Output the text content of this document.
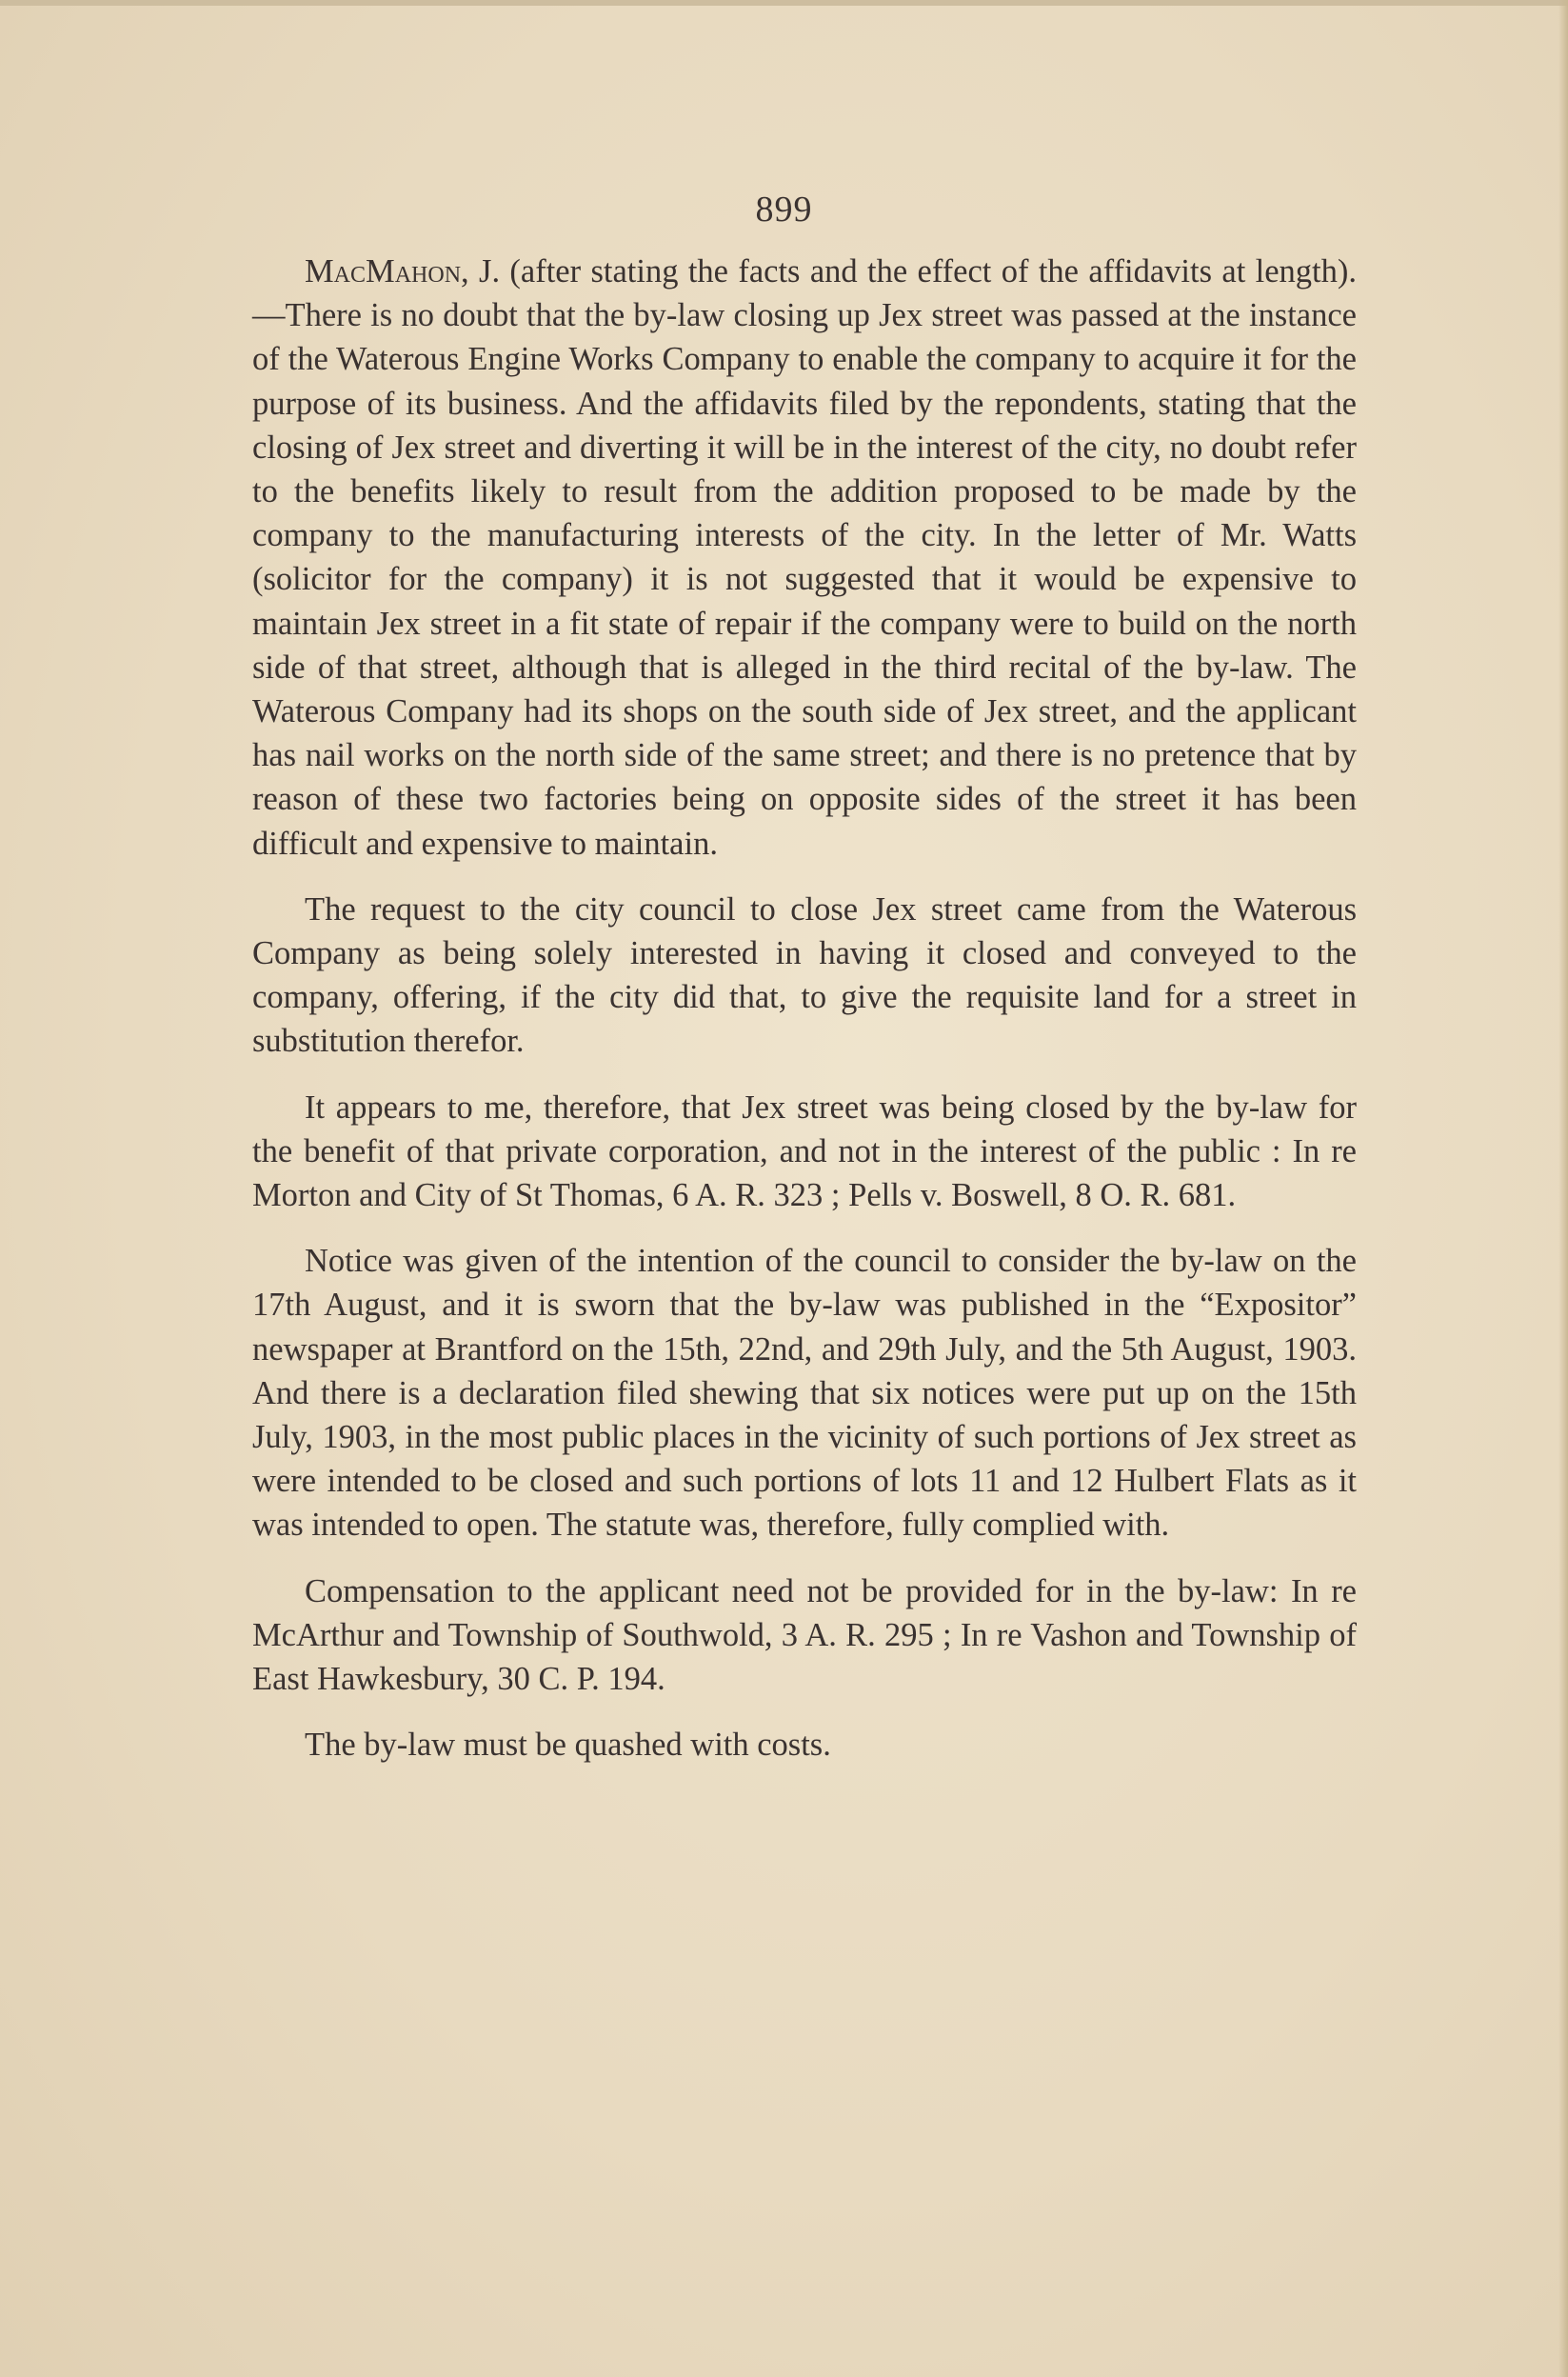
899

MacMahon, J. (after stating the facts and the effect of the affidavits at length).—There is no doubt that the by-law closing up Jex street was passed at the instance of the Waterous Engine Works Company to enable the company to acquire it for the purpose of its business. And the affidavits filed by the repondents, stating that the closing of Jex street and diverting it will be in the interest of the city, no doubt refer to the benefits likely to result from the addition proposed to be made by the company to the manufacturing interests of the city. In the letter of Mr. Watts (solicitor for the company) it is not suggested that it would be expensive to maintain Jex street in a fit state of repair if the company were to build on the north side of that street, although that is alleged in the third recital of the by-law. The Waterous Company had its shops on the south side of Jex street, and the applicant has nail works on the north side of the same street; and there is no pretence that by reason of these two factories being on opposite sides of the street it has been difficult and expensive to maintain.

The request to the city council to close Jex street came from the Waterous Company as being solely interested in having it closed and conveyed to the company, offering, if the city did that, to give the requisite land for a street in substitution therefor.

It appears to me, therefore, that Jex street was being closed by the by-law for the benefit of that private corporation, and not in the interest of the public : In re Morton and City of St Thomas, 6 A. R. 323 ; Pells v. Boswell, 8 O. R. 681.

Notice was given of the intention of the council to consider the by-law on the 17th August, and it is sworn that the by-law was published in the “Expositor” newspaper at Brantford on the 15th, 22nd, and 29th July, and the 5th August, 1903. And there is a declaration filed shewing that six notices were put up on the 15th July, 1903, in the most public places in the vicinity of such portions of Jex street as were intended to be closed and such portions of lots 11 and 12 Hulbert Flats as it was intended to open. The statute was, therefore, fully complied with.

Compensation to the applicant need not be provided for in the by-law: In re McArthur and Township of Southwold, 3 A. R. 295 ; In re Vashon and Township of East Hawkesbury, 30 C. P. 194.

The by-law must be quashed with costs.
